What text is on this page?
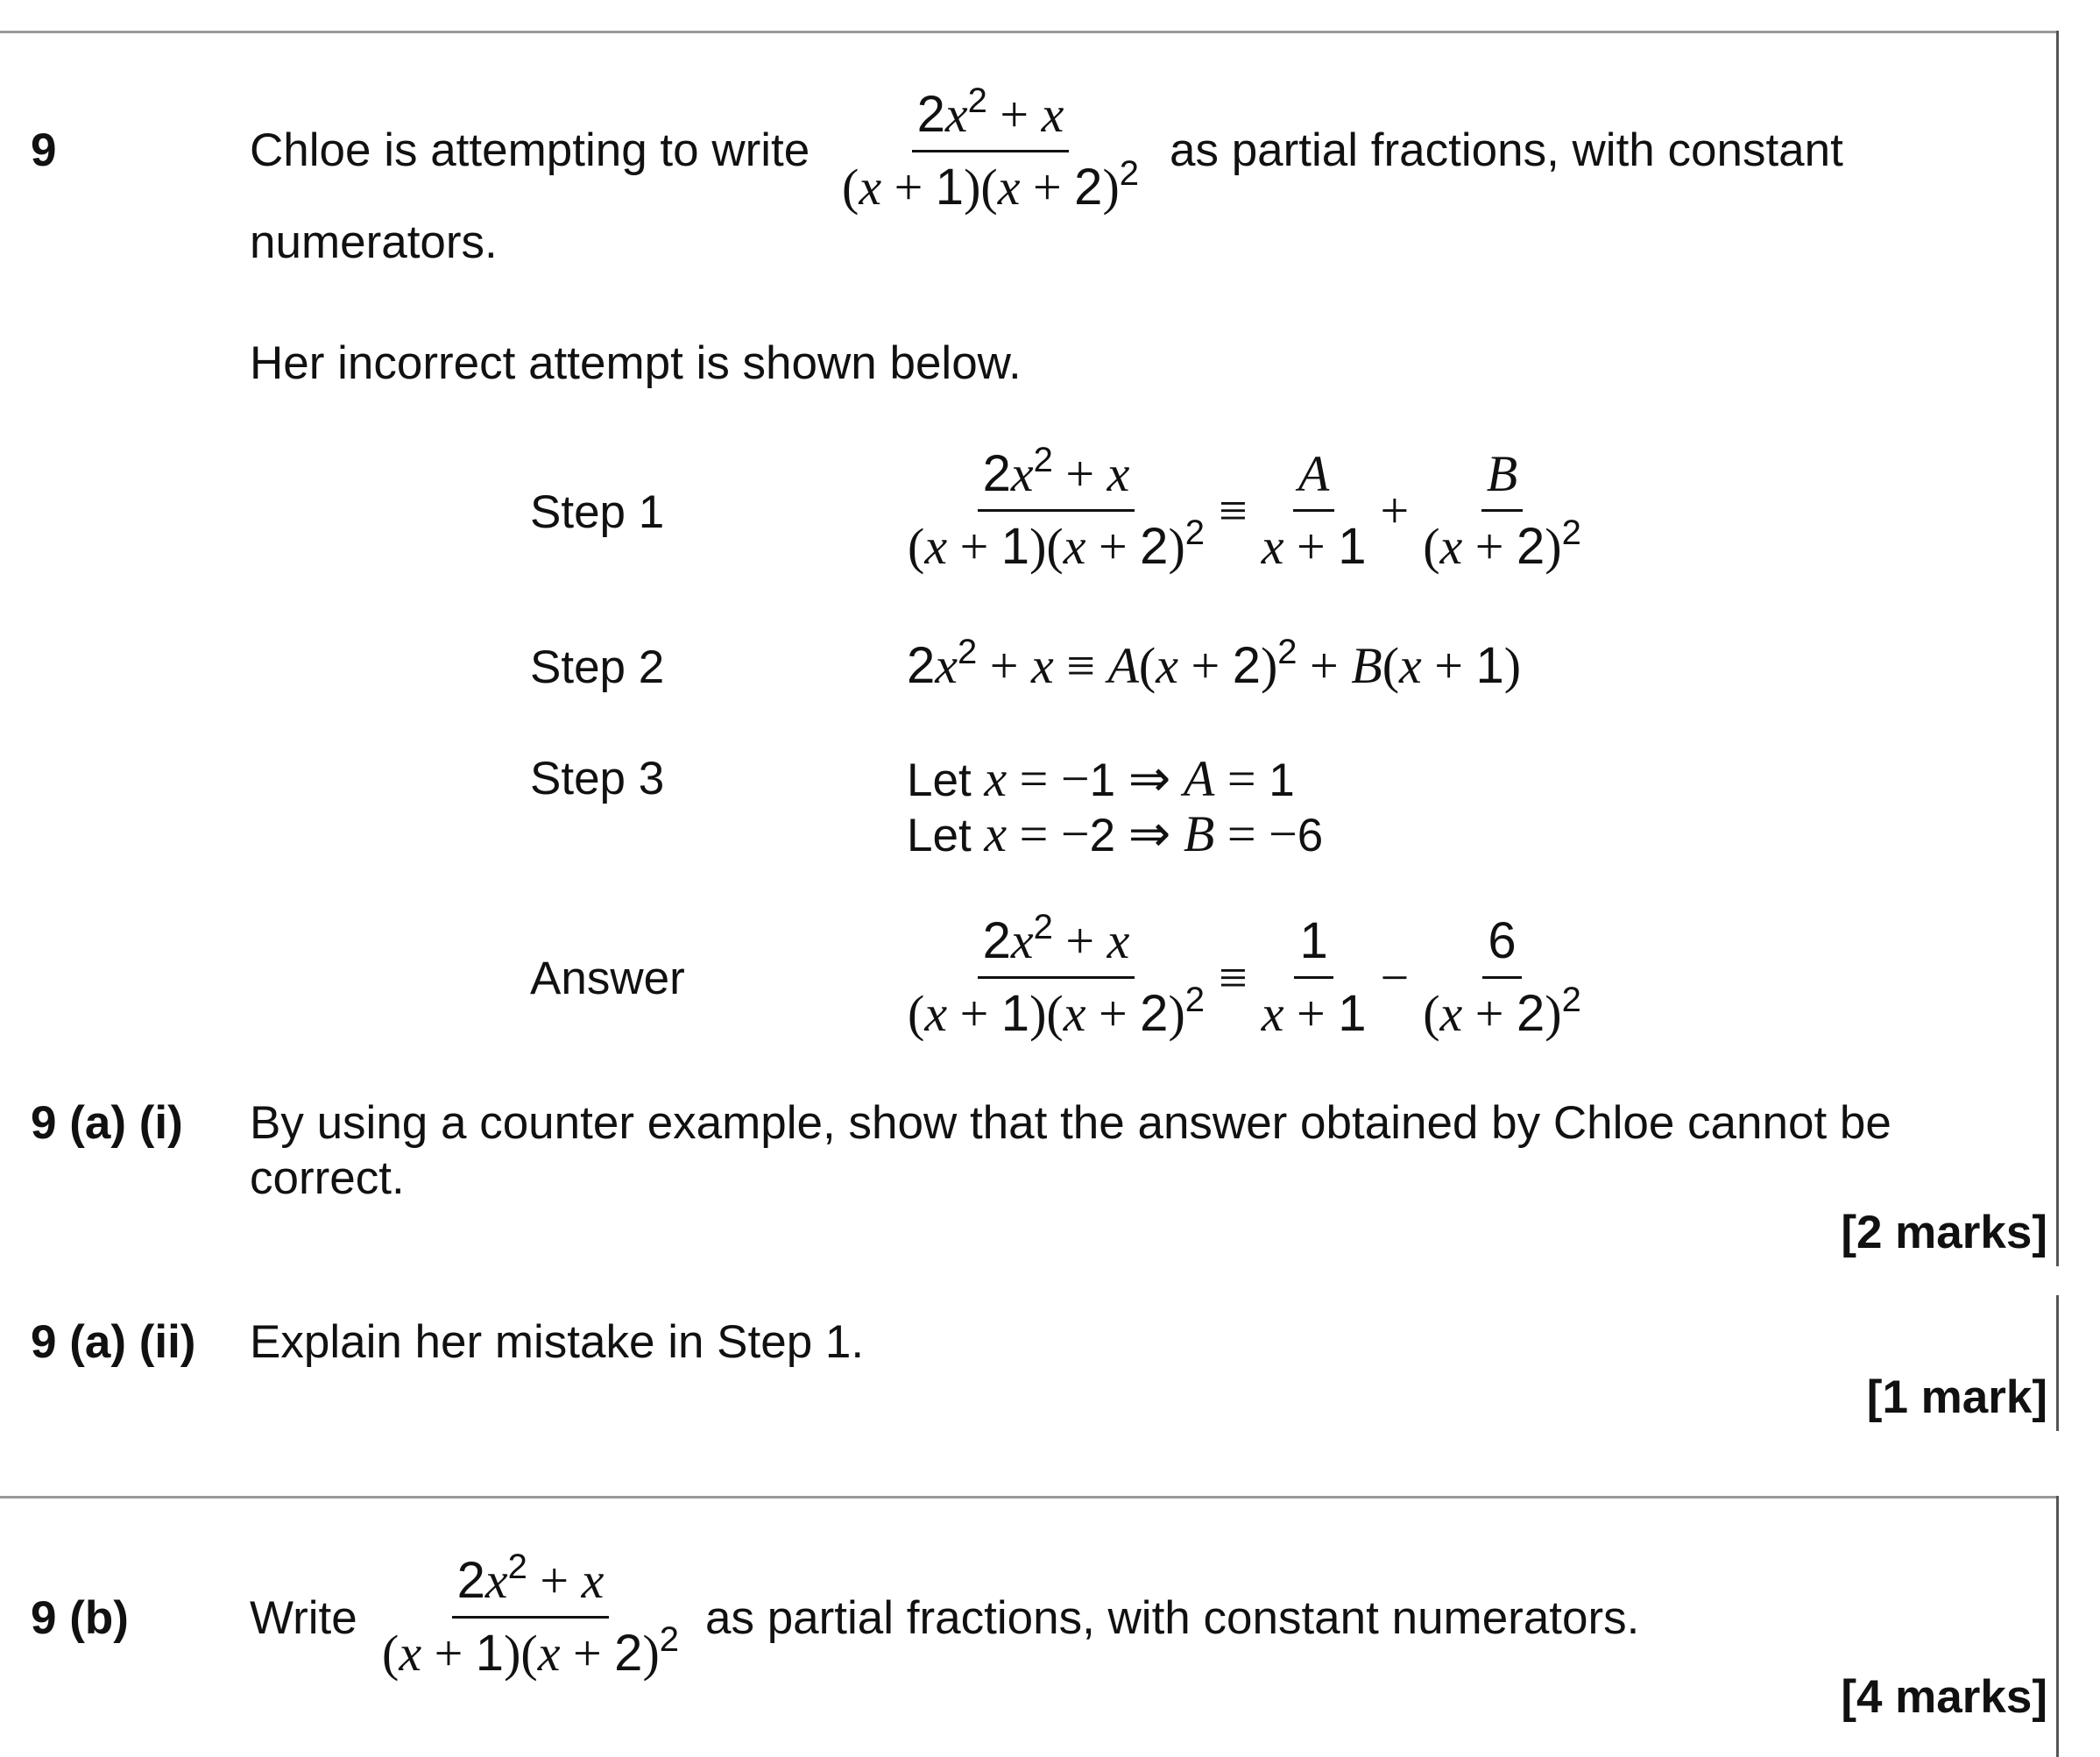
9	Chloe is attempting to write $\frac{2x^2 + x}{(x + 1)(x + 2)^2}$ as partial fractions, with constant
numerators.
Her incorrect attempt is shown below.
Step 1	$\frac{2x^2 + x}{(x + 1)(x + 2)^2} \equiv \frac{A}{x + 1} + \frac{B}{(x + 2)^2}$
Step 2	$2x^2 + x \equiv A(x + 2)^2 + B(x + 1)$
Step 3	Let x = −1 ⇒ A = 1
Let x = −2 ⇒ B = −6
Answer	$\frac{2x^2 + x}{(x + 1)(x + 2)^2} \equiv \frac{1}{x + 1} - \frac{6}{(x + 2)^2}$
9 (a) (i) By using a counter example, show that the answer obtained by Chloe cannot be
correct.
[2 marks]
9 (a) (ii) Explain her mistake in Step 1.
[1 mark]
9 (b)	Write $\frac{2x^2 + x}{(x + 1)(x + 2)^2}$ as partial fractions, with constant numerators.
[4 marks]
